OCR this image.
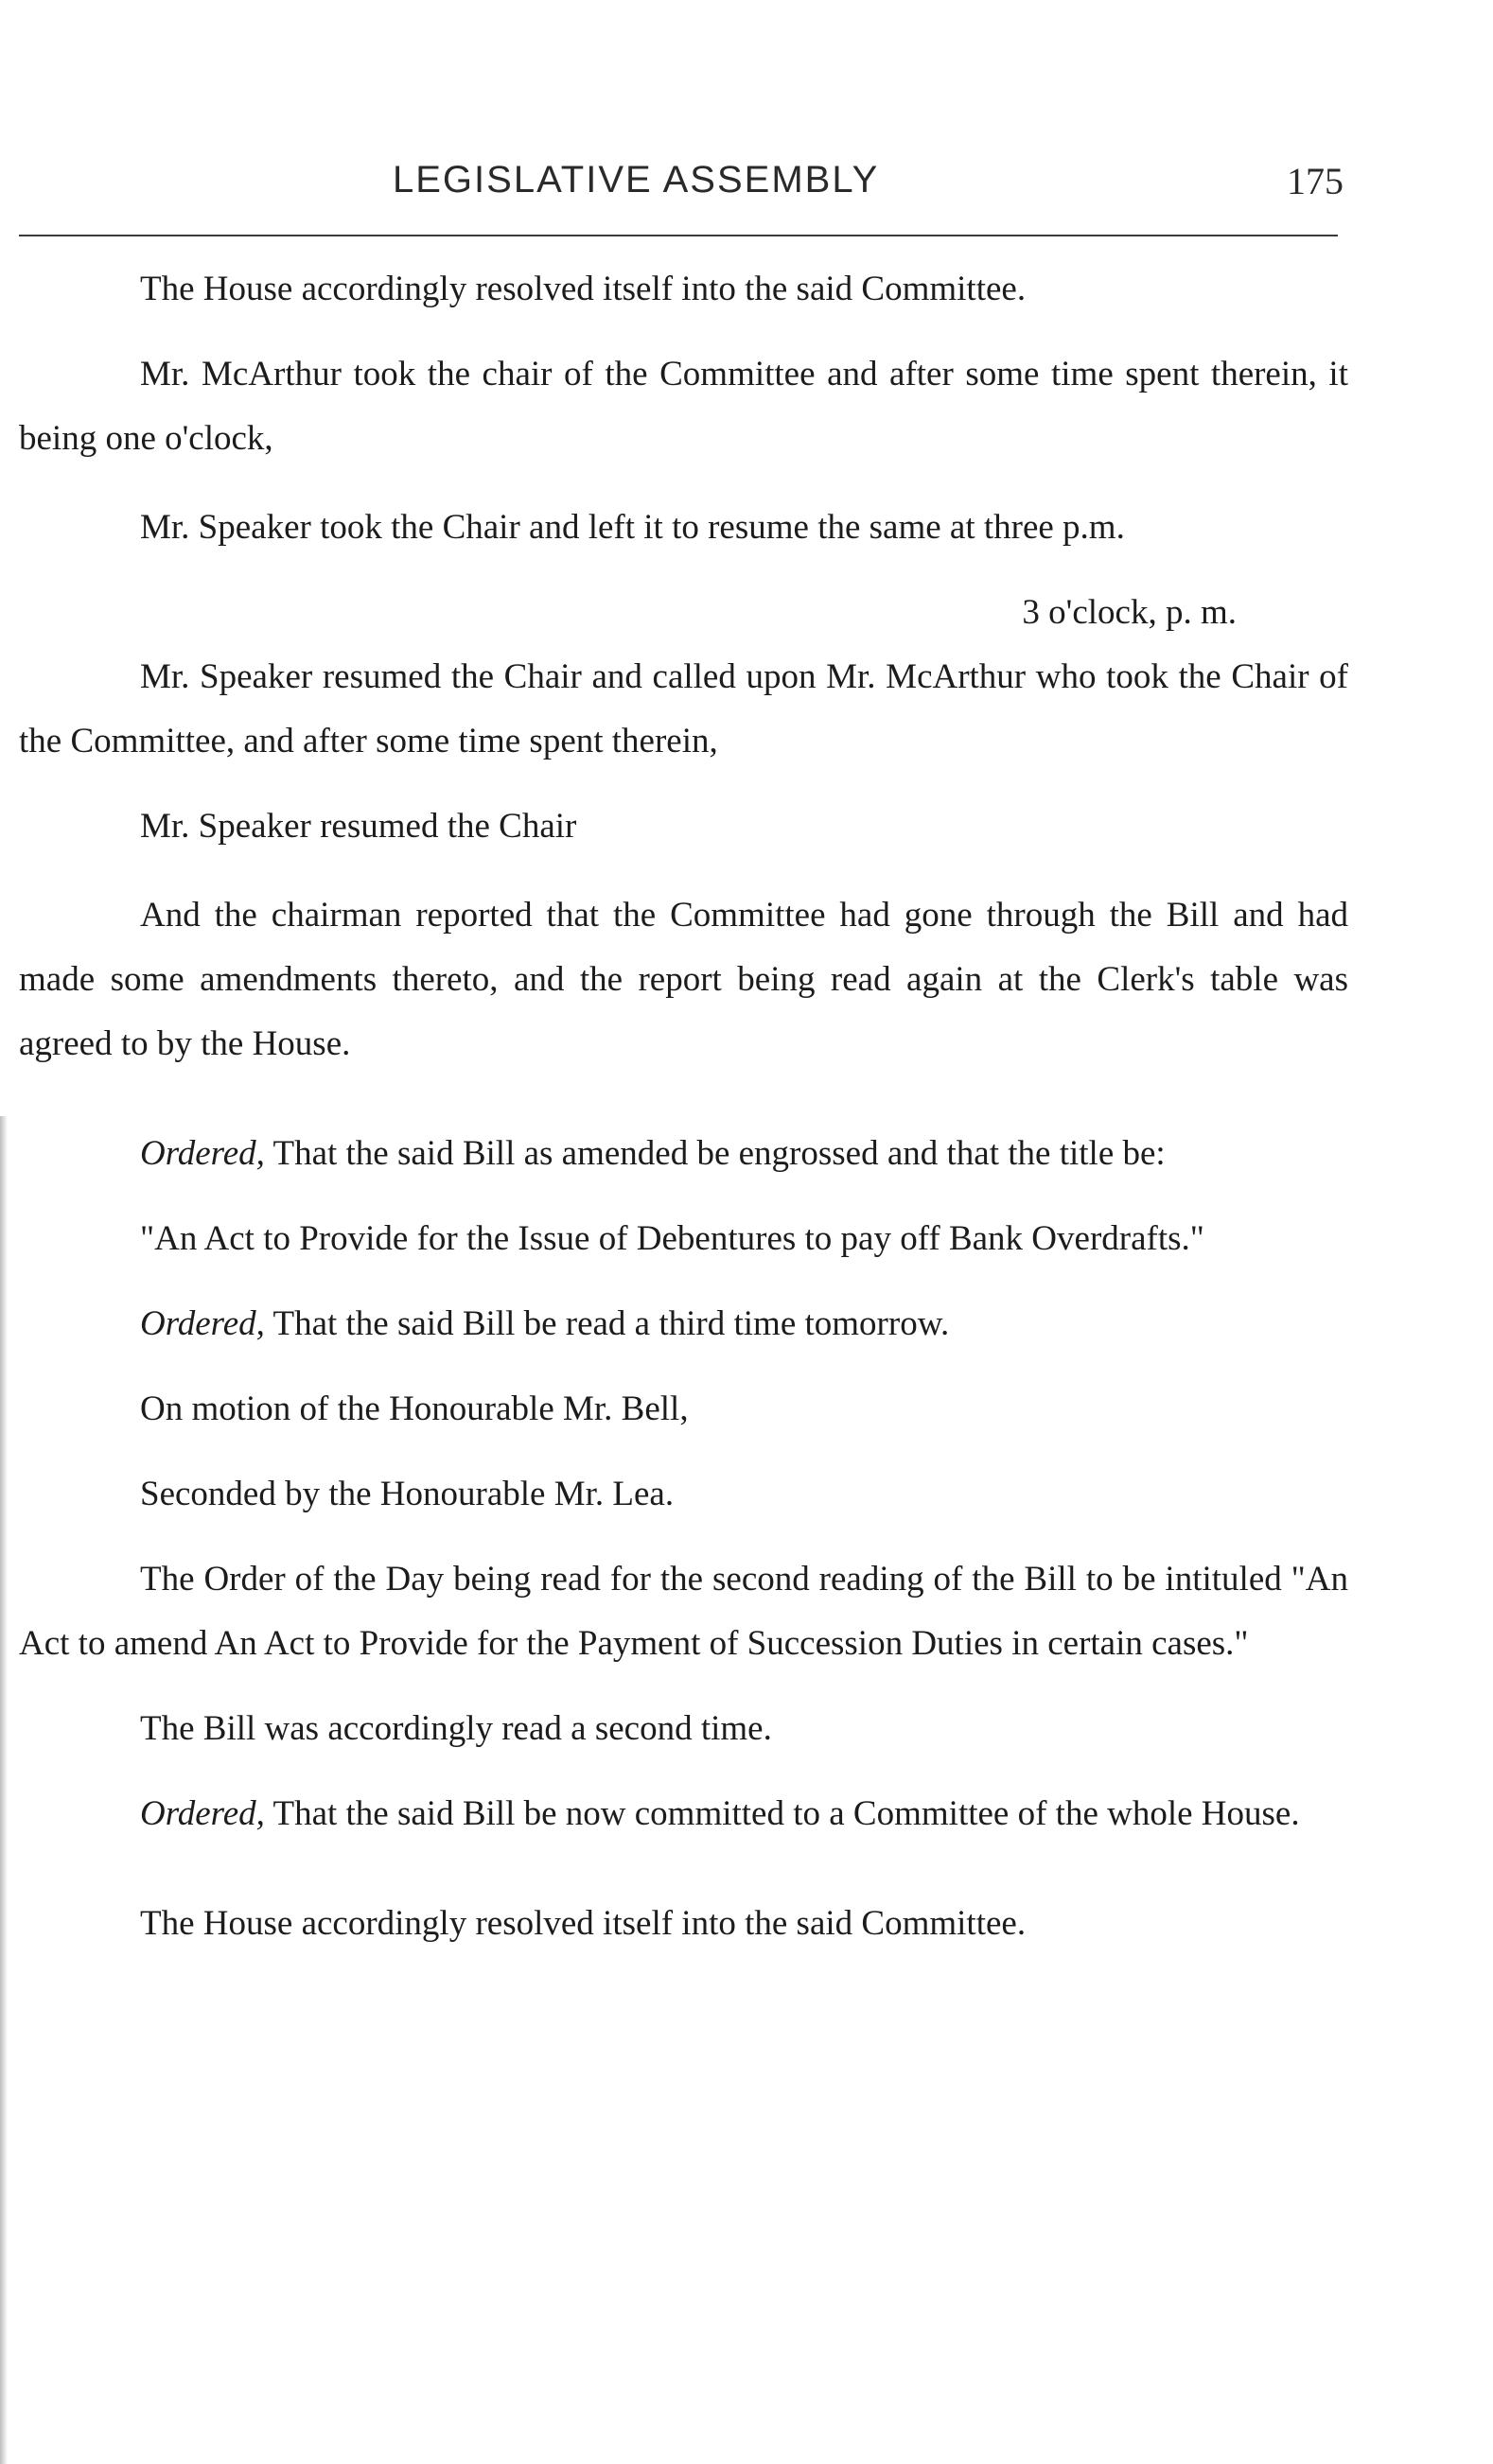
LEGISLATIVE ASSEMBLY	175

The House accordingly resolved itself into the said Committee.

Mr. McArthur took the chair of the Committee and after some time spent therein, it being one o'clock,

Mr. Speaker took the Chair and left it to resume the same at three p.m.

3 o'clock, p. m.

Mr. Speaker resumed the Chair and called upon Mr. McArthur who took the Chair of the Committee, and after some time spent therein,

Mr. Speaker resumed the Chair

And the chairman reported that the Committee had gone through the Bill and had made some amendments thereto, and the report being read again at the Clerk's table was agreed to by the House.

Ordered, That the said Bill as amended be engrossed and that the title be:

"An Act to Provide for the Issue of Debentures to pay off Bank Overdrafts."

Ordered, That the said Bill be read a third time tomorrow.

On motion of the Honourable Mr. Bell,

Seconded by the Honourable Mr. Lea.

The Order of the Day being read for the second reading of the Bill to be intituled "An Act to amend An Act to Provide for the Payment of Succession Duties in certain cases."

The Bill was accordingly read a second time.

Ordered, That the said Bill be now committed to a Committee of the whole House.

The House accordingly resolved itself into the said Committee.
